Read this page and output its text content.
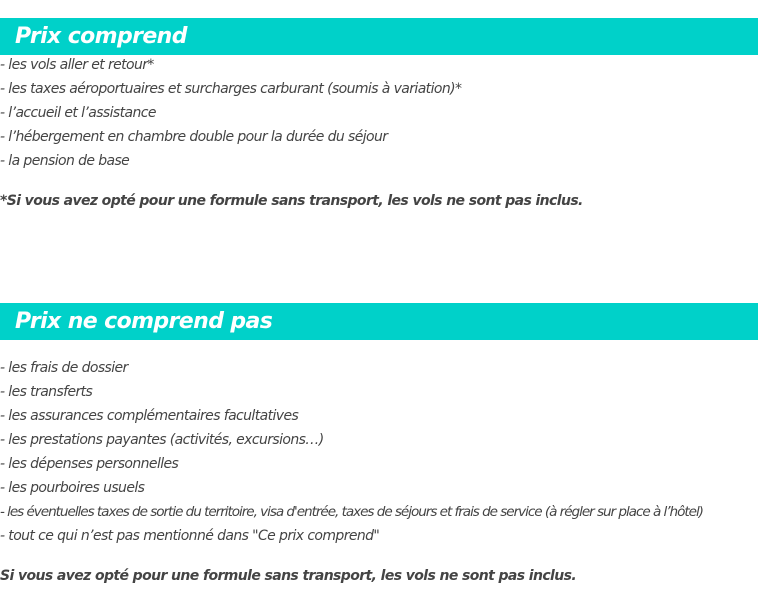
Prix comprend
- les vols aller et retour*
- les taxes aéroportuaires et surcharges carburant (soumis à variation)*
- l’accueil et l’assistance
- l’hébergement en chambre double pour la durée du séjour
- la pension de base

*Si vous avez opté pour une formule sans transport, les vols ne sont pas inclus.

Prix ne comprend pas
- les frais de dossier
- les transferts
- les assurances complémentaires facultatives
- les prestations payantes (activités, excursions…)
- les dépenses personnelles
- les pourboires usuels
- les éventuelles taxes de sortie du territoire, visa d'entrée, taxes de séjours et frais de service (à régler sur place à l’hôtel)
- tout ce qui n’est pas mentionné dans "Ce prix comprend"

Si vous avez opté pour une formule sans transport, les vols ne sont pas inclus.
